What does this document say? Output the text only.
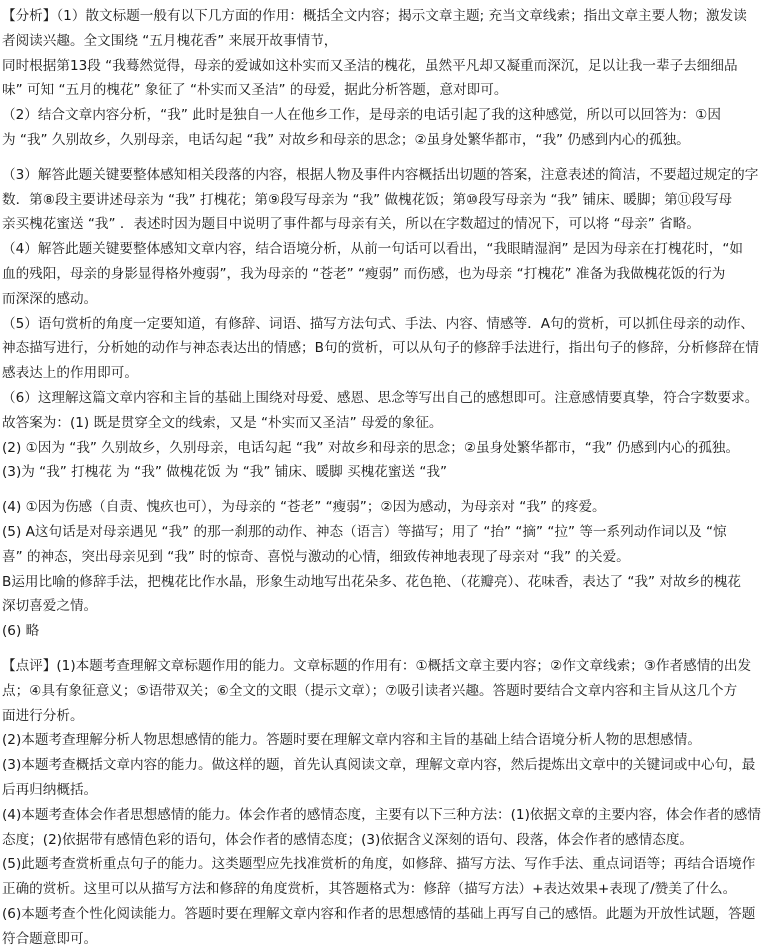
【分析】（1）散文标题一般有以下几方面的作用：概括全文内容；揭示文章主题; 充当文章线索；指出文章主要人物；激发读

者阅读兴趣。全文围绕 “五月槐花香” 来展开故事情节，

同时根据第13段 “我蓦然觉得，母亲的爱诚如这朴实而又圣洁的槐花，虽然平凡却又凝重而深沉，足以让我一辈子去细细品

味” 可知 “五月的槐花” 象征了 “朴实而又圣洁” 的母爱，据此分析答题，意对即可。

（2）结合文章内容分析，“我” 此时是独自一人在他乡工作，是母亲的电话引起了我的这种感觉，所以可以回答为：①因

为 “我” 久别故乡，久别母亲，电话勾起 “我” 对故乡和母亲的思念；②虽身处繁华都市，“我” 仍感到内心的孤独。

（3）解答此题关键要整体感知相关段落的内容，根据人物及事件内容概括出切题的答案，注意表述的简洁，不要超过规定的字

数．第⑧段主要讲述母亲为 “我” 打槐花；第⑨段写母亲为 “我” 做槐花饭；第⑩段写母亲为 “我” 铺床、暖脚；第⑪段写母

亲买槐花蜜送 “我” ．表述时因为题目中说明了事件都与母亲有关，所以在字数超过的情况下，可以将 “母亲” 省略。

（4）解答此题关键要整体感知文章内容，结合语境分析，从前一句话可以看出，“我眼睛湿润” 是因为母亲在打槐花时，“如

血的残阳，母亲的身影显得格外瘦弱”，我为母亲的 “苍老” “瘦弱” 而伤感，也为母亲 “打槐花” 准备为我做槐花饭的行为

而深深的感动。

（5）语句赏析的角度一定要知道，有修辞、词语、描写方法句式、手法、内容、情感等．A句的赏析，可以抓住母亲的动作、

神态描写进行，分析她的动作与神态表达出的情感；B句的赏析，可以从句子的修辞手法进行，指出句子的修辞，分析修辞在情

感表达上的作用即可。

（6）这理解这篇文章内容和主旨的基础上围绕对母爱、感恩、思念等写出自己的感想即可。注意感情要真挚，符合字数要求。

故答案为：(1) 既是贯穿全文的线索，又是 “朴实而又圣洁” 母爱的象征。

(2) ①因为 “我” 久别故乡，久别母亲，电话勾起 “我” 对故乡和母亲的思念；②虽身处繁华都市，“我” 仍感到内心的孤独。

(3)为 “我” 打槐花 为 “我” 做槐花饭 为 “我” 铺床、暖脚 买槐花蜜送 “我”

(4) ①因为伤感（自责、愧疚也可），为母亲的 “苍老” “瘦弱”；②因为感动，为母亲对 “我” 的疼爱。

(5) A这句话是对母亲遇见 “我” 的那一刹那的动作、神态（语言）等描写；用了 “抬” “摘” “拉” 等一系列动作词以及 “惊

喜” 的神态，突出母亲见到 “我” 时的惊奇、喜悦与激动的心情，细致传神地表现了母亲对 “我” 的关爱。

B运用比喻的修辞手法，把槐花比作水晶，形象生动地写出花朵多、花色艳、（花瓣亮）、花味香，表达了 “我” 对故乡的槐花

深切喜爱之情。

(6) 略

【点评】(1)本题考查理解文章标题作用的能力。文章标题的作用有：①概括文章主要内容；②作文章线索；③作者感情的出发

点；④具有象征意义；⑤语带双关；⑥全文的文眼（提示文章）；⑦吸引读者兴趣。答题时要结合文章内容和主旨从这几个方

面进行分析。

(2)本题考查理解分析人物思想感情的能力。答题时要在理解文章内容和主旨的基础上结合语境分析人物的思想感情。

(3)本题考查概括文章内容的能力。做这样的题，首先认真阅读文章，理解文章内容，然后提炼出文章中的关键词或中心句，最

后再归纳概括。

(4)本题考查体会作者思想感情的能力。体会作者的感情态度，主要有以下三种方法：(1)依据文章的主要内容，体会作者的感情

态度；(2)依据带有感情色彩的语句，体会作者的感情态度；(3)依据含义深刻的语句、段落，体会作者的感情态度。

(5)此题考查赏析重点句子的能力。这类题型应先找准赏析的角度，如修辞、描写方法、写作手法、重点词语等；再结合语境作

正确的赏析。这里可以从描写方法和修辞的角度赏析，其答题格式为：修辞（描写方法）+表达效果+表现了/赞美了什么。

(6)本题考查个性化阅读能力。答题时要在理解文章内容和作者的思想感情的基础上再写自己的感悟。此题为开放性试题，答题

符合题意即可。
